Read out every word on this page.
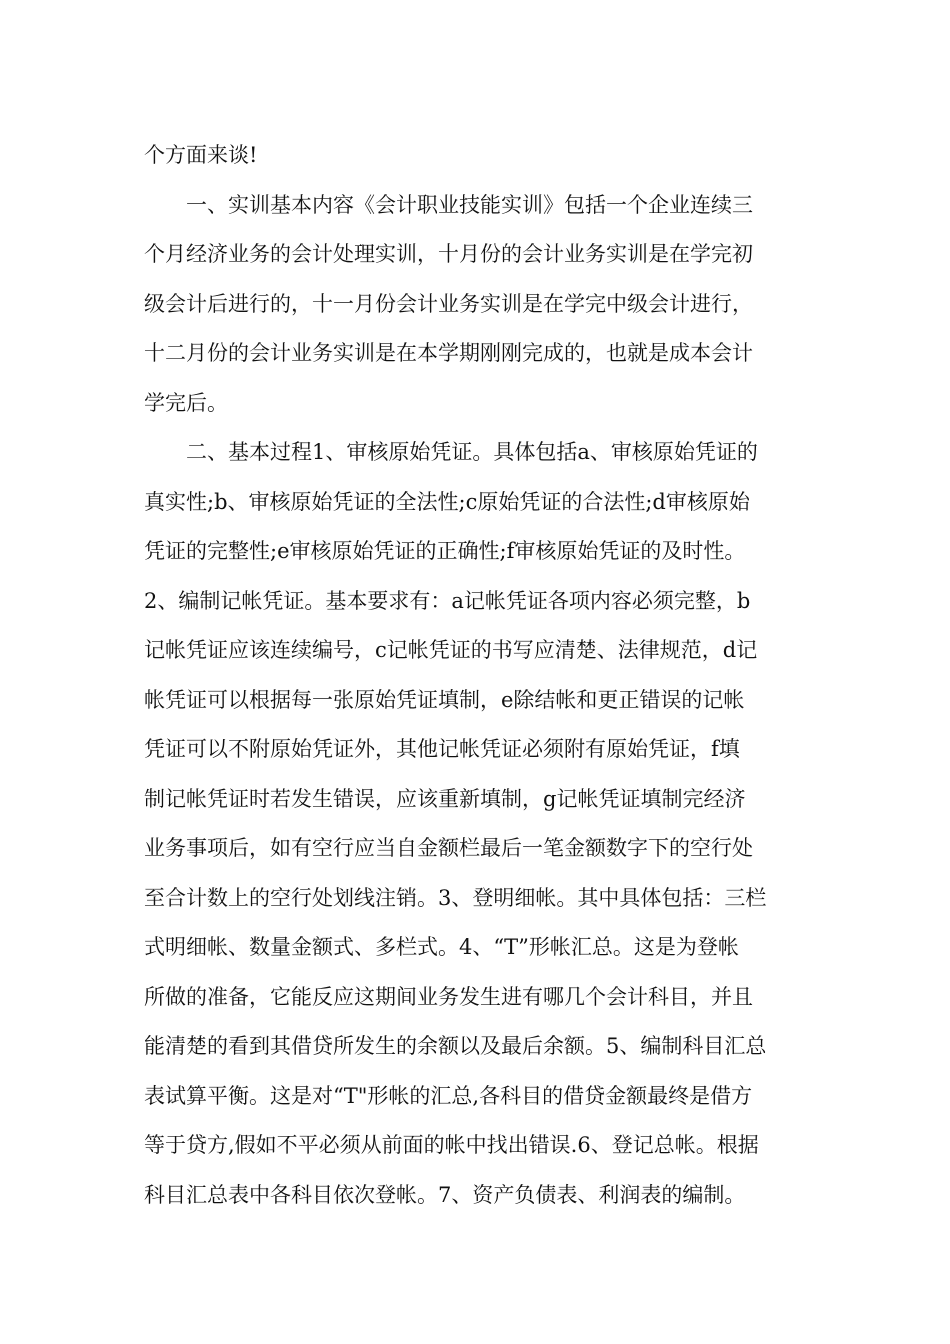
个方面来谈!
　　一、实训基本内容《会计职业技能实训》包括一个企业连续三
个月经济业务的会计处理实训，十月份的会计业务实训是在学完初
级会计后进行的，十一月份会计业务实训是在学完中级会计进行，
十二月份的会计业务实训是在本学期刚刚完成的，也就是成本会计
学完后。
　　二、基本过程1、审核原始凭证。具体包括a、审核原始凭证的
真实性;b、审核原始凭证的全法性;c原始凭证的合法性;d审核原始
凭证的完整性;e审核原始凭证的正确性;f审核原始凭证的及时性。
2、编制记帐凭证。基本要求有：a记帐凭证各项内容必须完整，b
记帐凭证应该连续编号，c记帐凭证的书写应清楚、法律规范，d记
帐凭证可以根据每一张原始凭证填制，e除结帐和更正错误的记帐
凭证可以不附原始凭证外，其他记帐凭证必须附有原始凭证，f填
制记帐凭证时若发生错误，应该重新填制，g记帐凭证填制完经济
业务事项后，如有空行应当自金额栏最后一笔金额数字下的空行处
至合计数上的空行处划线注销。3、登明细帐。其中具体包括：三栏
式明细帐、数量金额式、多栏式。4、“T”形帐汇总。这是为登帐
所做的准备，它能反应这期间业务发生进有哪几个会计科目，并且
能清楚的看到其借贷所发生的余额以及最后余额。5、编制科目汇总
表试算平衡。这是对“T"形帐的汇总,各科目的借贷金额最终是借方
等于贷方,假如不平必须从前面的帐中找出错误.6、登记总帐。根据
科目汇总表中各科目依次登帐。7、资产负债表、利润表的编制。
